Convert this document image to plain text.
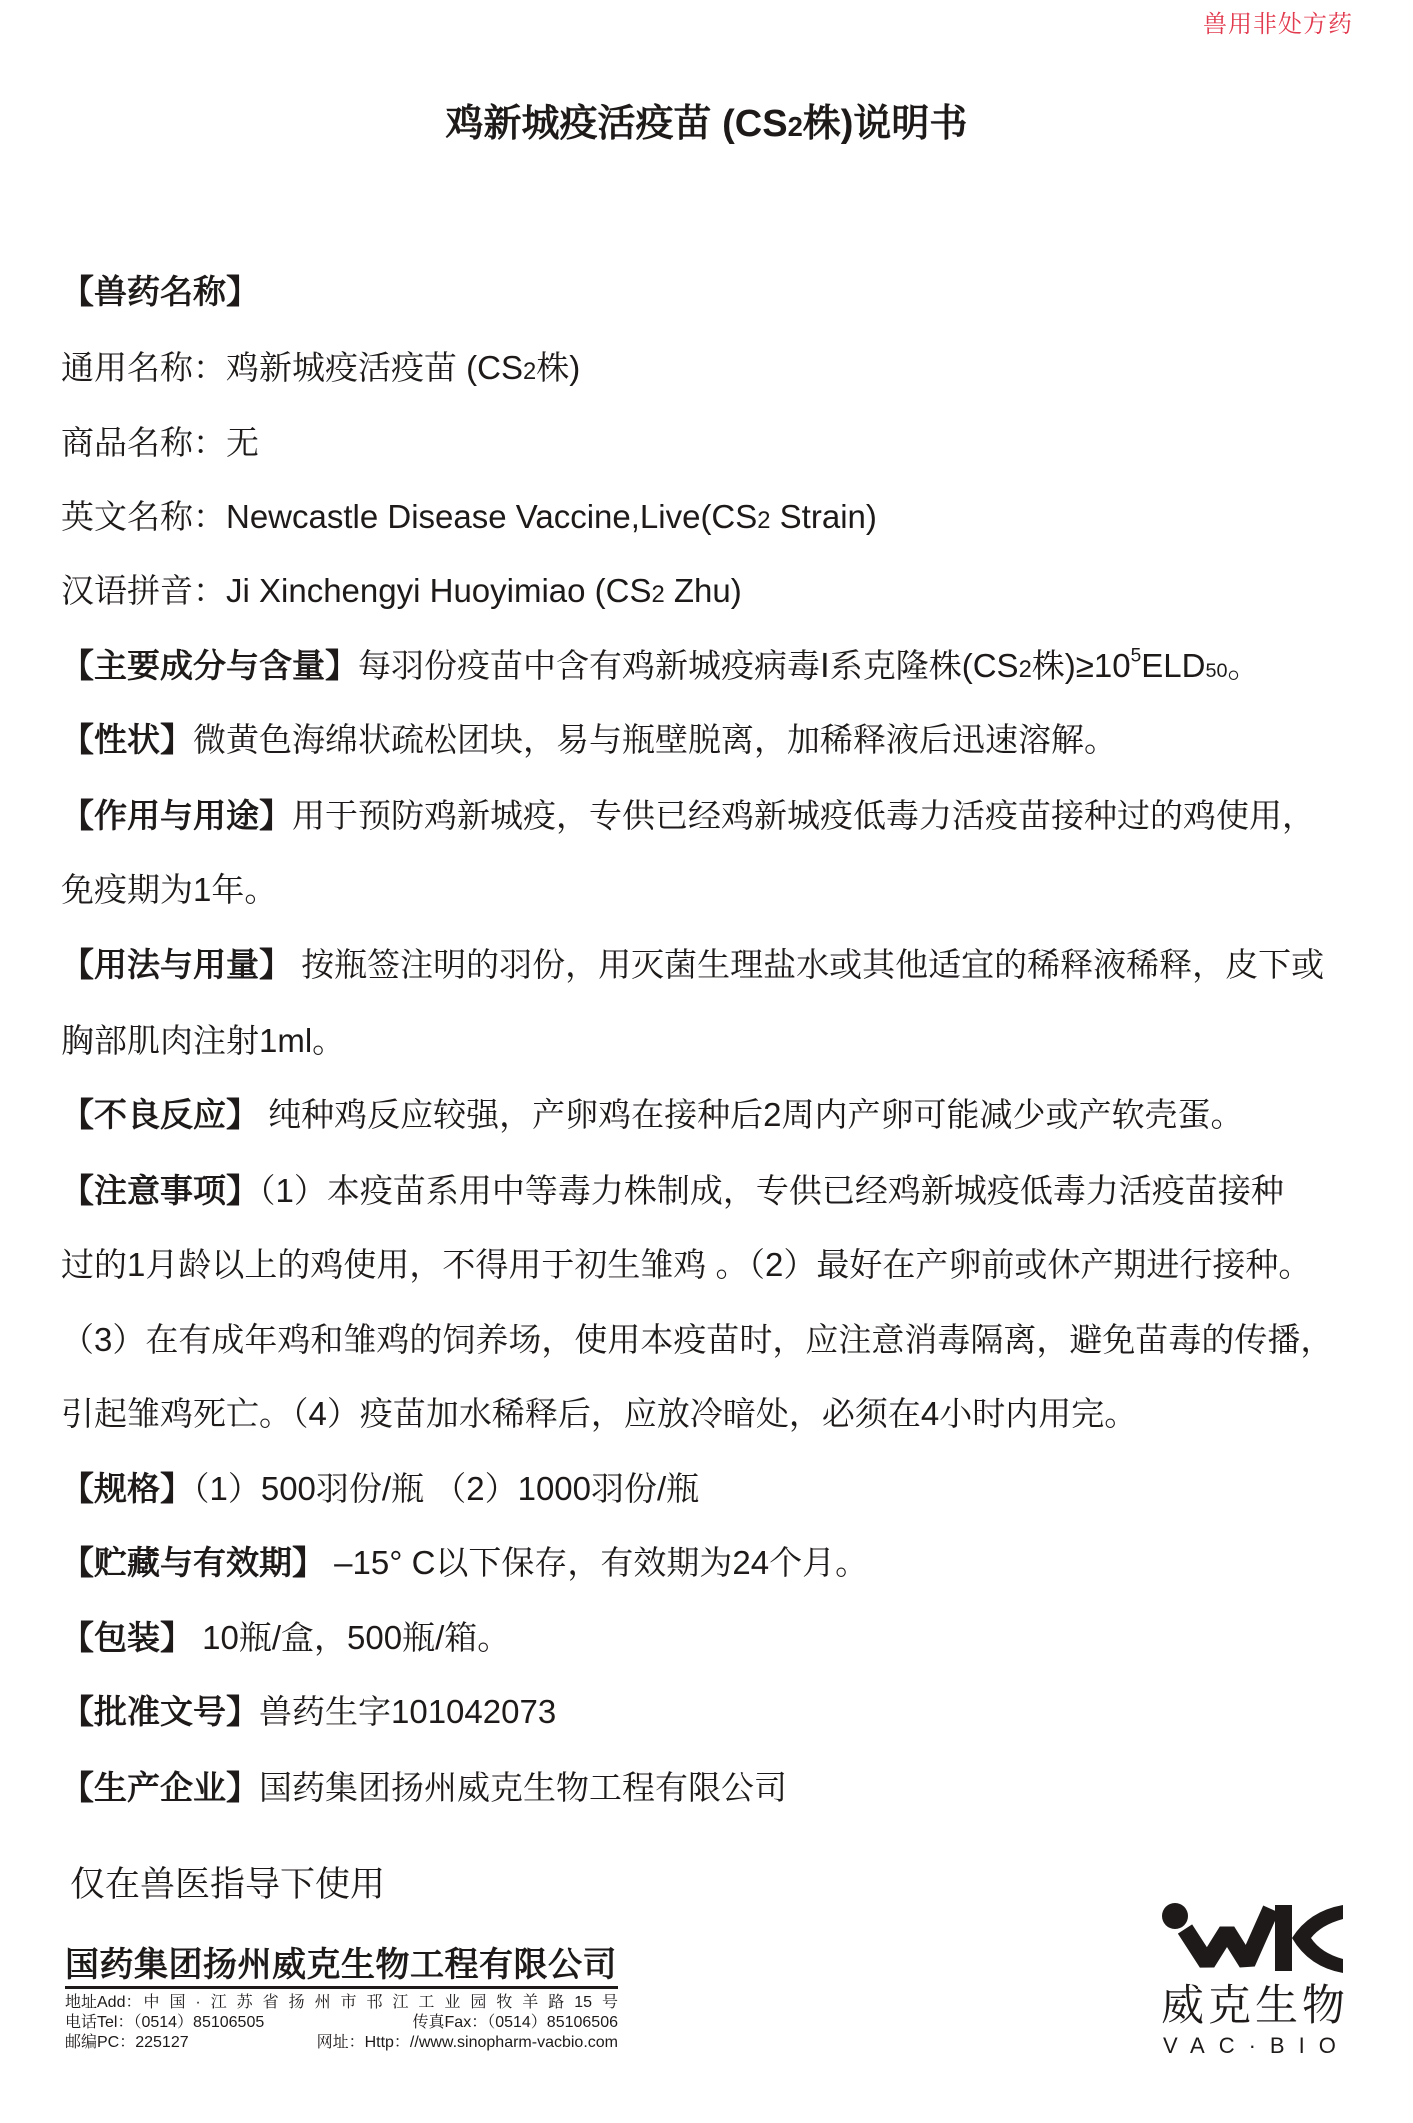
兽用非处方药
鸡新城疫活疫苗 (CS2株)说明书
【兽药名称】
通用名称：鸡新城疫活疫苗 (CS2株)
商品名称：无
英文名称：Newcastle Disease Vaccine,Live(CS2 Strain)
汉语拼音：Ji Xinchengyi Huoyimiao (CS2 Zhu)
【主要成分与含量】每羽份疫苗中含有鸡新城疫病毒Ⅰ系克隆株(CS2株)$\ge 10^5ELD50$。
【性状】微黄色海绵状疏松团块，易与瓶壁脱离，加稀释液后迅速溶解。
【作用与用途】用于预防鸡新城疫，专供已经鸡新城疫低毒力活疫苗接种过的鸡使用，
免疫期为1年。
【用法与用量】 按瓶签注明的羽份，用灭菌生理盐水或其他适宜的稀释液稀释，皮下或
胸部肌肉注射1ml。
【不良反应】 纯种鸡反应较强，产卵鸡在接种后2周内产卵可能减少或产软壳蛋。
【注意事项】（1）本疫苗系用中等毒力株制成，专供已经鸡新城疫低毒力活疫苗接种
过的1月龄以上的鸡使用，不得用于初生雏鸡 。（2）最好在产卵前或休产期进行接种。
（3）在有成年鸡和雏鸡的饲养场，使用本疫苗时，应注意消毒隔离，避免苗毒的传播，
引起雏鸡死亡。（4）疫苗加水稀释后，应放冷暗处，必须在4小时内用完。
【规格】（1）500羽份/瓶 （2）1000羽份/瓶
【贮藏与有效期】 –15° C以下保存，有效期为24个月。
【包装】 10瓶/盒，500瓶/箱。
【批准文号】兽药生字101042073
【生产企业】国药集团扬州威克生物工程有限公司
仅在兽医指导下使用
国药集团扬州威克生物工程有限公司
地址Add： 中国·江苏省扬州市邗江工业园牧羊路15号
电话Tel：（0514）85106505	传真Fax：（0514）85106506
邮编PC：225127	网址：Http：//www.sinopharm-vacbio.com
威克生物
VAC·BIO
